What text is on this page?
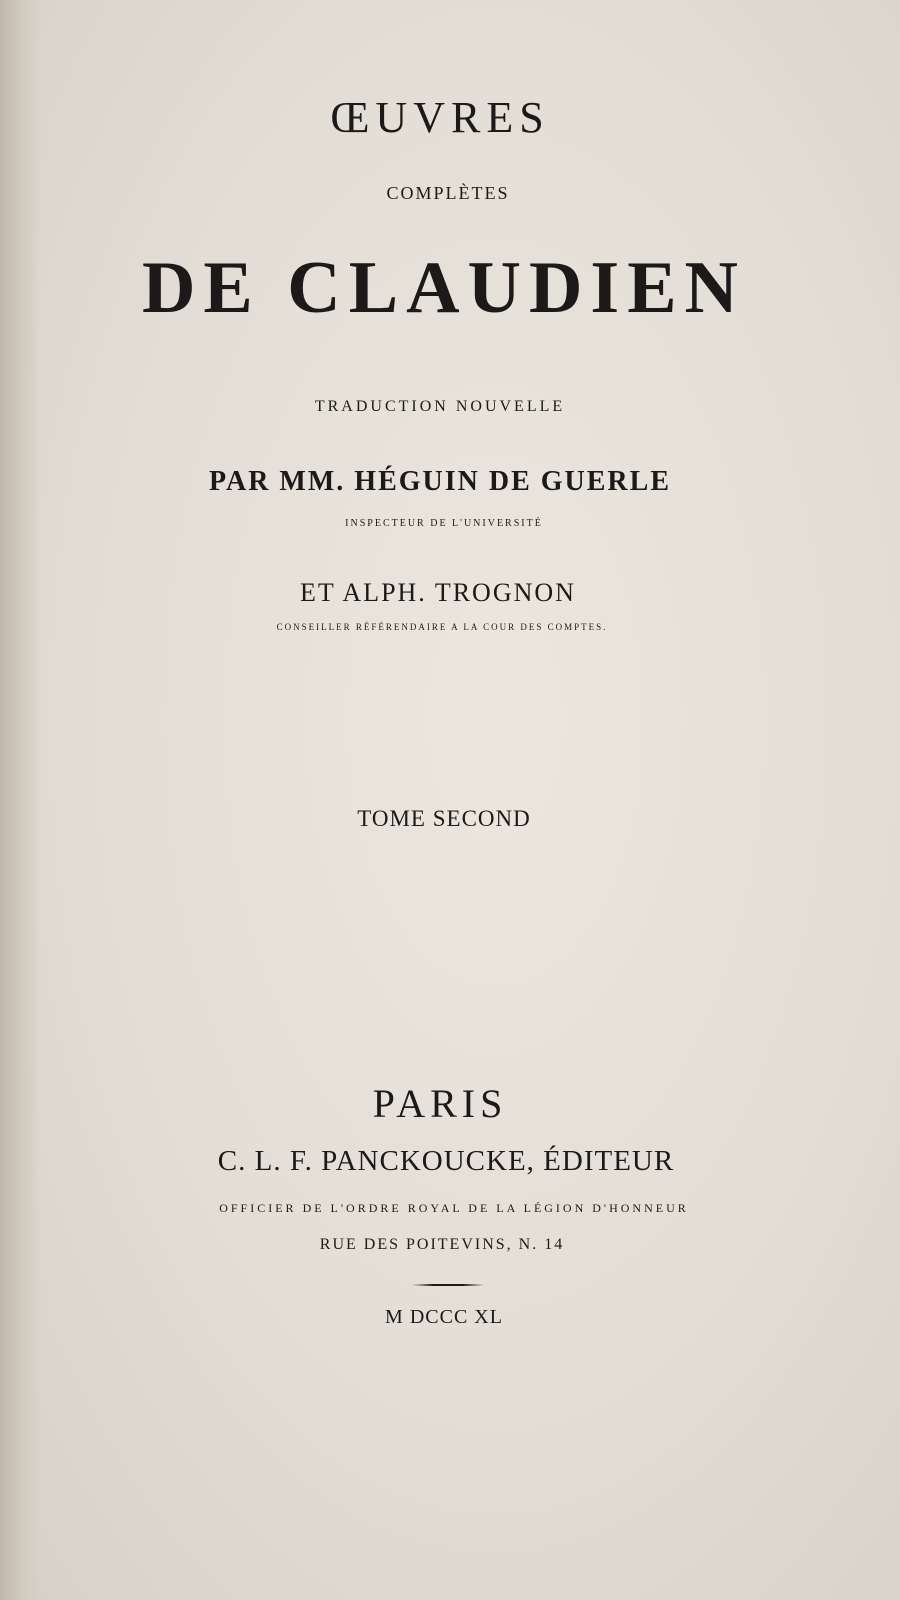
ŒUVRES
COMPLÈTES
DE CLAUDIEN
TRADUCTION NOUVELLE
PAR MM. HÉGUIN DE GUERLE
INSPECTEUR DE L'UNIVERSITÉ
ET ALPH. TROGNON
CONSEILLER RÉFÉRENDAIRE A LA COUR DES COMPTES.
TOME SECOND
PARIS
C. L. F. PANCKOUCKE, ÉDITEUR
OFFICIER DE L'ORDRE ROYAL DE LA LÉGION D'HONNEUR
RUE DES POITEVINS, N. 14
M DCCC XL
